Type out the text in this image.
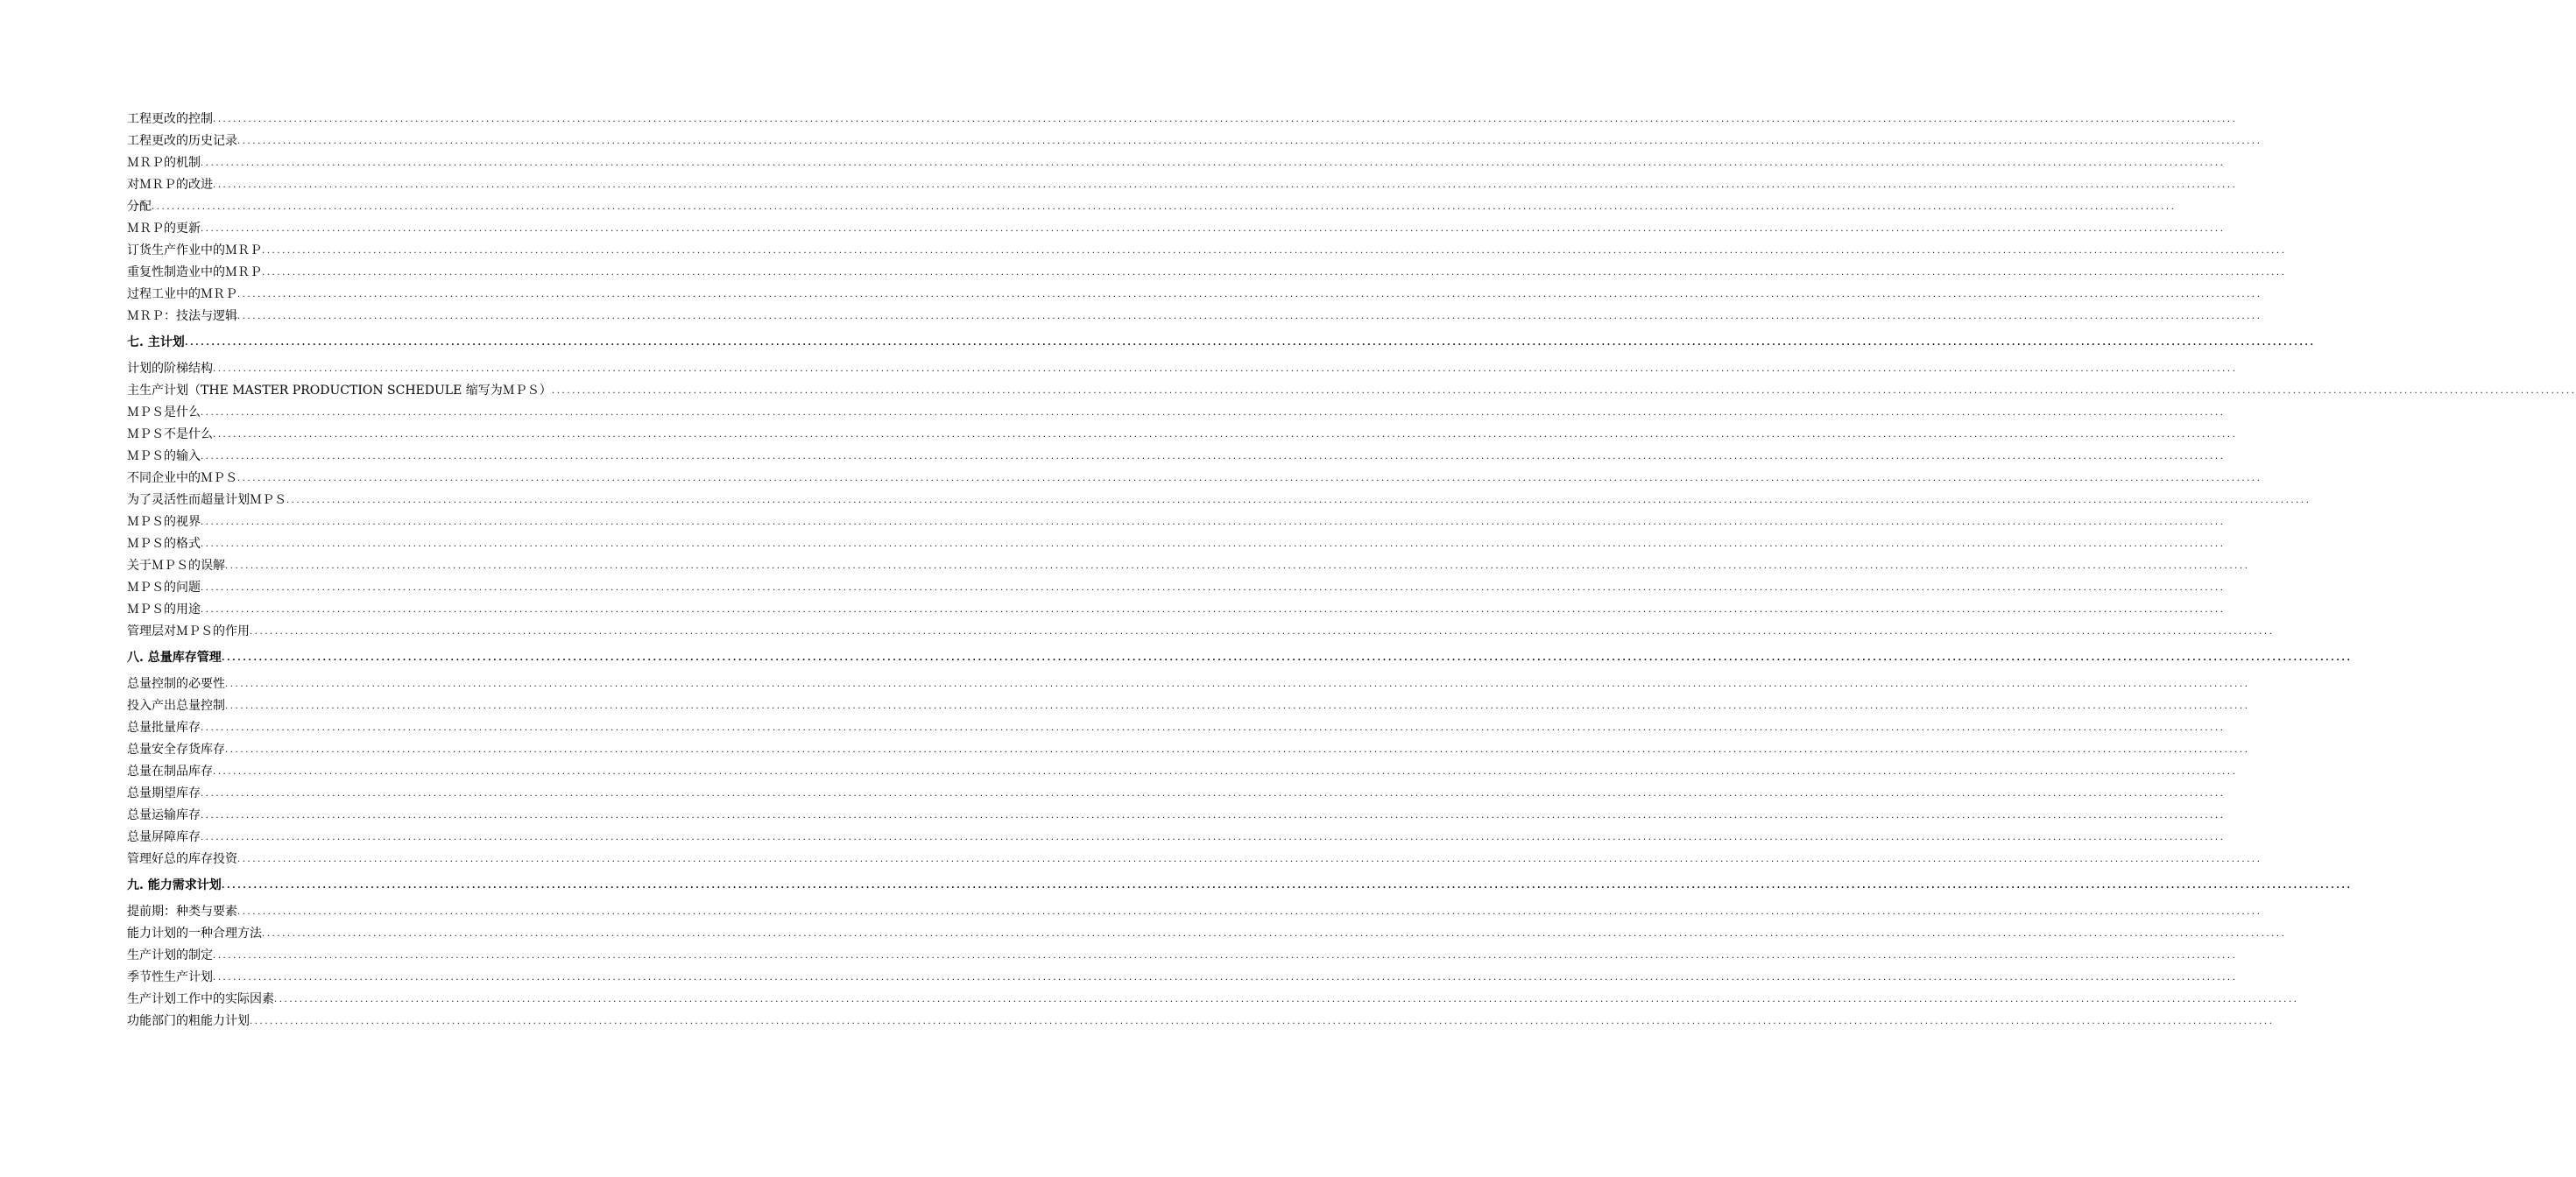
................................................................................................................................................................................................................................................................................................................................................................................................................
工程更改的控制
................................................................................................................................................................................................................................................................................................................................................................................................................
工程更改的历史记录
................................................................................................................................................................................................................................................................................................................................................................................................................
ＭＲＰ的机制
................................................................................................................................................................................................................................................................................................................................................................................................................
对ＭＲＰ的改进
................................................................................................................................................................................................................................................................................................................................................................................................................
分配
................................................................................................................................................................................................................................................................................................................................................................................................................
ＭＲＰ的更新
................................................................................................................................................................................................................................................................................................................................................................................................................
订货生产作业中的ＭＲＰ
................................................................................................................................................................................................................................................................................................................................................................................................................
重复性制造业中的ＭＲＰ
................................................................................................................................................................................................................................................................................................................................................................................................................
过程工业中的ＭＲＰ
................................................................................................................................................................................................................................................................................................................................................................................................................
ＭＲＰ：技法与逻辑
................................................................................................................................................................................................................................................................................................................................................................................................................
七. 主计划
................................................................................................................................................................................................................................................................................................................................................................................................................
计划的阶梯结构
................................................................................................................................................................................................................................................................................................................................................................................................................
主生产计划（THE MASTER PRODUCTION SCHEDULE 缩写为ＭＰＳ）
................................................................................................................................................................................................................................................................................................................................................................................................................
ＭＰＳ是什么
................................................................................................................................................................................................................................................................................................................................................................................................................
ＭＰＳ不是什么
................................................................................................................................................................................................................................................................................................................................................................................................................
ＭＰＳ的输入
................................................................................................................................................................................................................................................................................................................................................................................................................
不同企业中的ＭＰＳ
................................................................................................................................................................................................................................................................................................................................................................................................................
为了灵活性而超量计划ＭＰＳ
................................................................................................................................................................................................................................................................................................................................................................................................................
ＭＰＳ的视界
................................................................................................................................................................................................................................................................................................................................................................................................................
ＭＰＳ的格式
................................................................................................................................................................................................................................................................................................................................................................................................................
关于ＭＰＳ的误解
................................................................................................................................................................................................................................................................................................................................................................................................................
ＭＰＳ的问题
................................................................................................................................................................................................................................................................................................................................................................................................................
ＭＰＳ的用途
................................................................................................................................................................................................................................................................................................................................................................................................................
管理层对ＭＰＳ的作用
................................................................................................................................................................................................................................................................................................................................................................................................................
八. 总量库存管理
................................................................................................................................................................................................................................................................................................................................................................................................................
总量控制的必要性
................................................................................................................................................................................................................................................................................................................................................................................................................
投入产出总量控制
................................................................................................................................................................................................................................................................................................................................................................................................................
总量批量库存
................................................................................................................................................................................................................................................................................................................................................................................................................
总量安全存货库存
................................................................................................................................................................................................................................................................................................................................................................................................................
总量在制品库存
................................................................................................................................................................................................................................................................................................................................................................................................................
总量期望库存
................................................................................................................................................................................................................................................................................................................................................................................................................
总量运输库存
................................................................................................................................................................................................................................................................................................................................................................................................................
总量屏障库存
................................................................................................................................................................................................................................................................................................................................................................................................................
管理好总的库存投资
................................................................................................................................................................................................................................................................................................................................................................................................................
九. 能力需求计划
................................................................................................................................................................................................................................................................................................................................................................................................................
提前期：种类与要素
................................................................................................................................................................................................................................................................................................................................................................................................................
能力计划的一种合理方法
................................................................................................................................................................................................................................................................................................................................................................................................................
生产计划的制定
................................................................................................................................................................................................................................................................................................................................................................................................................
季节性生产计划
................................................................................................................................................................................................................................................................................................................................................................................................................
生产计划工作中的实际因素
................................................................................................................................................................................................................................................................................................................................................................................................................
功能部门的粗能力计划
